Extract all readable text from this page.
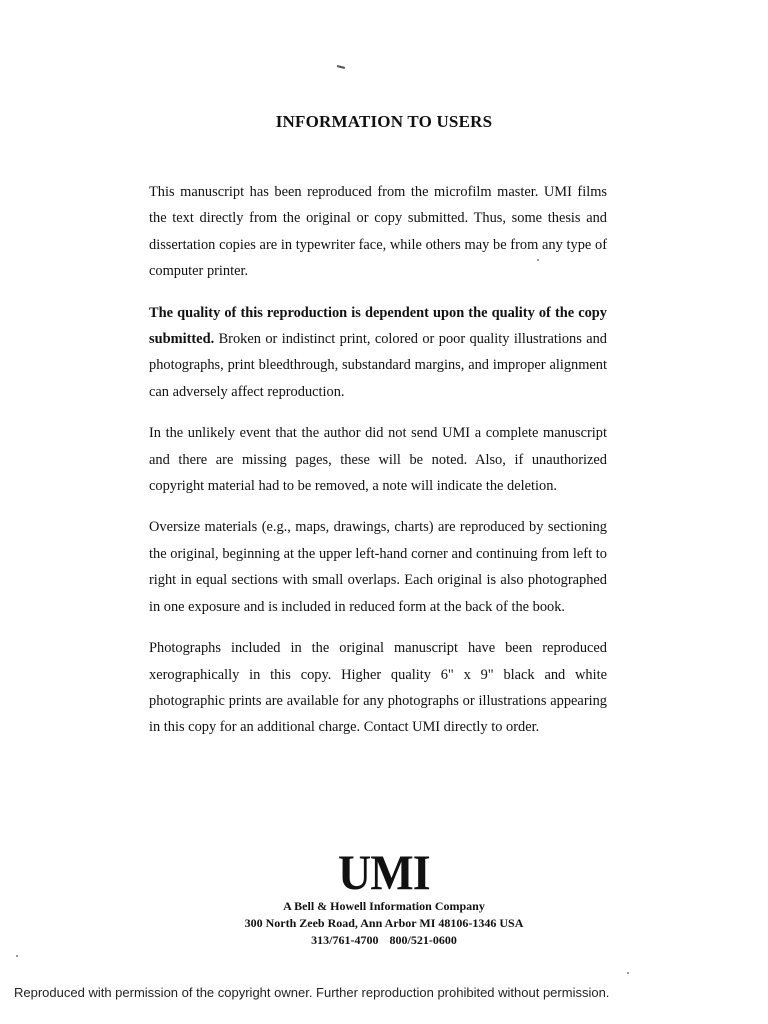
INFORMATION TO USERS

This manuscript has been reproduced from the microfilm master. UMI films the text directly from the original or copy submitted. Thus, some thesis and dissertation copies are in typewriter face, while others may be from any type of computer printer.

The quality of this reproduction is dependent upon the quality of the copy submitted. Broken or indistinct print, colored or poor quality illustrations and photographs, print bleedthrough, substandard margins, and improper alignment can adversely affect reproduction.

In the unlikely event that the author did not send UMI a complete manuscript and there are missing pages, these will be noted. Also, if unauthorized copyright material had to be removed, a note will indicate the deletion.

Oversize materials (e.g., maps, drawings, charts) are reproduced by sectioning the original, beginning at the upper left-hand corner and continuing from left to right in equal sections with small overlaps. Each original is also photographed in one exposure and is included in reduced form at the back of the book.

Photographs included in the original manuscript have been reproduced xerographically in this copy. Higher quality 6" x 9" black and white photographic prints are available for any photographs or illustrations appearing in this copy for an additional charge. Contact UMI directly to order.

UMI
A Bell & Howell Information Company
300 North Zeeb Road, Ann Arbor MI 48106-1346 USA
313/761-4700 800/521-0600
Reproduced with permission of the copyright owner. Further reproduction prohibited without permission.
